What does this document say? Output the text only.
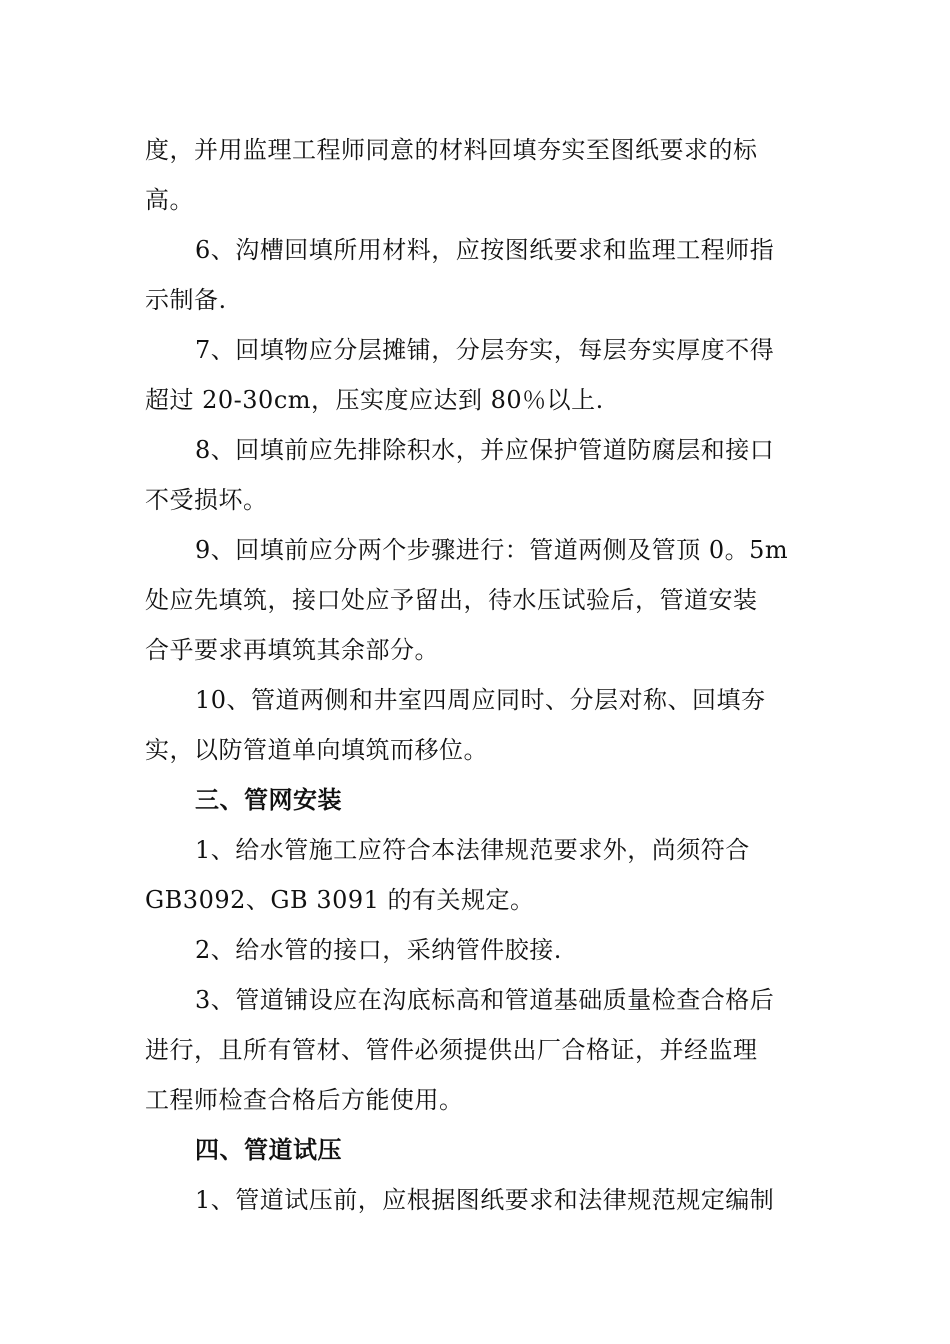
度，并用监理工程师同意的材料回填夯实至图纸要求的标
高。
6、沟槽回填所用材料，应按图纸要求和监理工程师指
示制备.
7、回填物应分层摊铺，分层夯实，每层夯实厚度不得
超过 20-30cm，压实度应达到 80％以上.
8、回填前应先排除积水，并应保护管道防腐层和接口
不受损坏。
9、回填前应分两个步骤进行：管道两侧及管顶 0。5m
处应先填筑，接口处应予留出，待水压试验后，管道安装
合乎要求再填筑其余部分。
10、管道两侧和井室四周应同时、分层对称、回填夯
实，以防管道单向填筑而移位。
三、管网安装
1、给水管施工应符合本法律规范要求外，尚须符合
GB3092、GB 3091 的有关规定。
2、给水管的接口，采纳管件胶接.
3、管道铺设应在沟底标高和管道基础质量检查合格后
进行，且所有管材、管件必须提供出厂合格证，并经监理
工程师检查合格后方能使用。
四、管道试压
1、管道试压前，应根据图纸要求和法律规范规定编制
